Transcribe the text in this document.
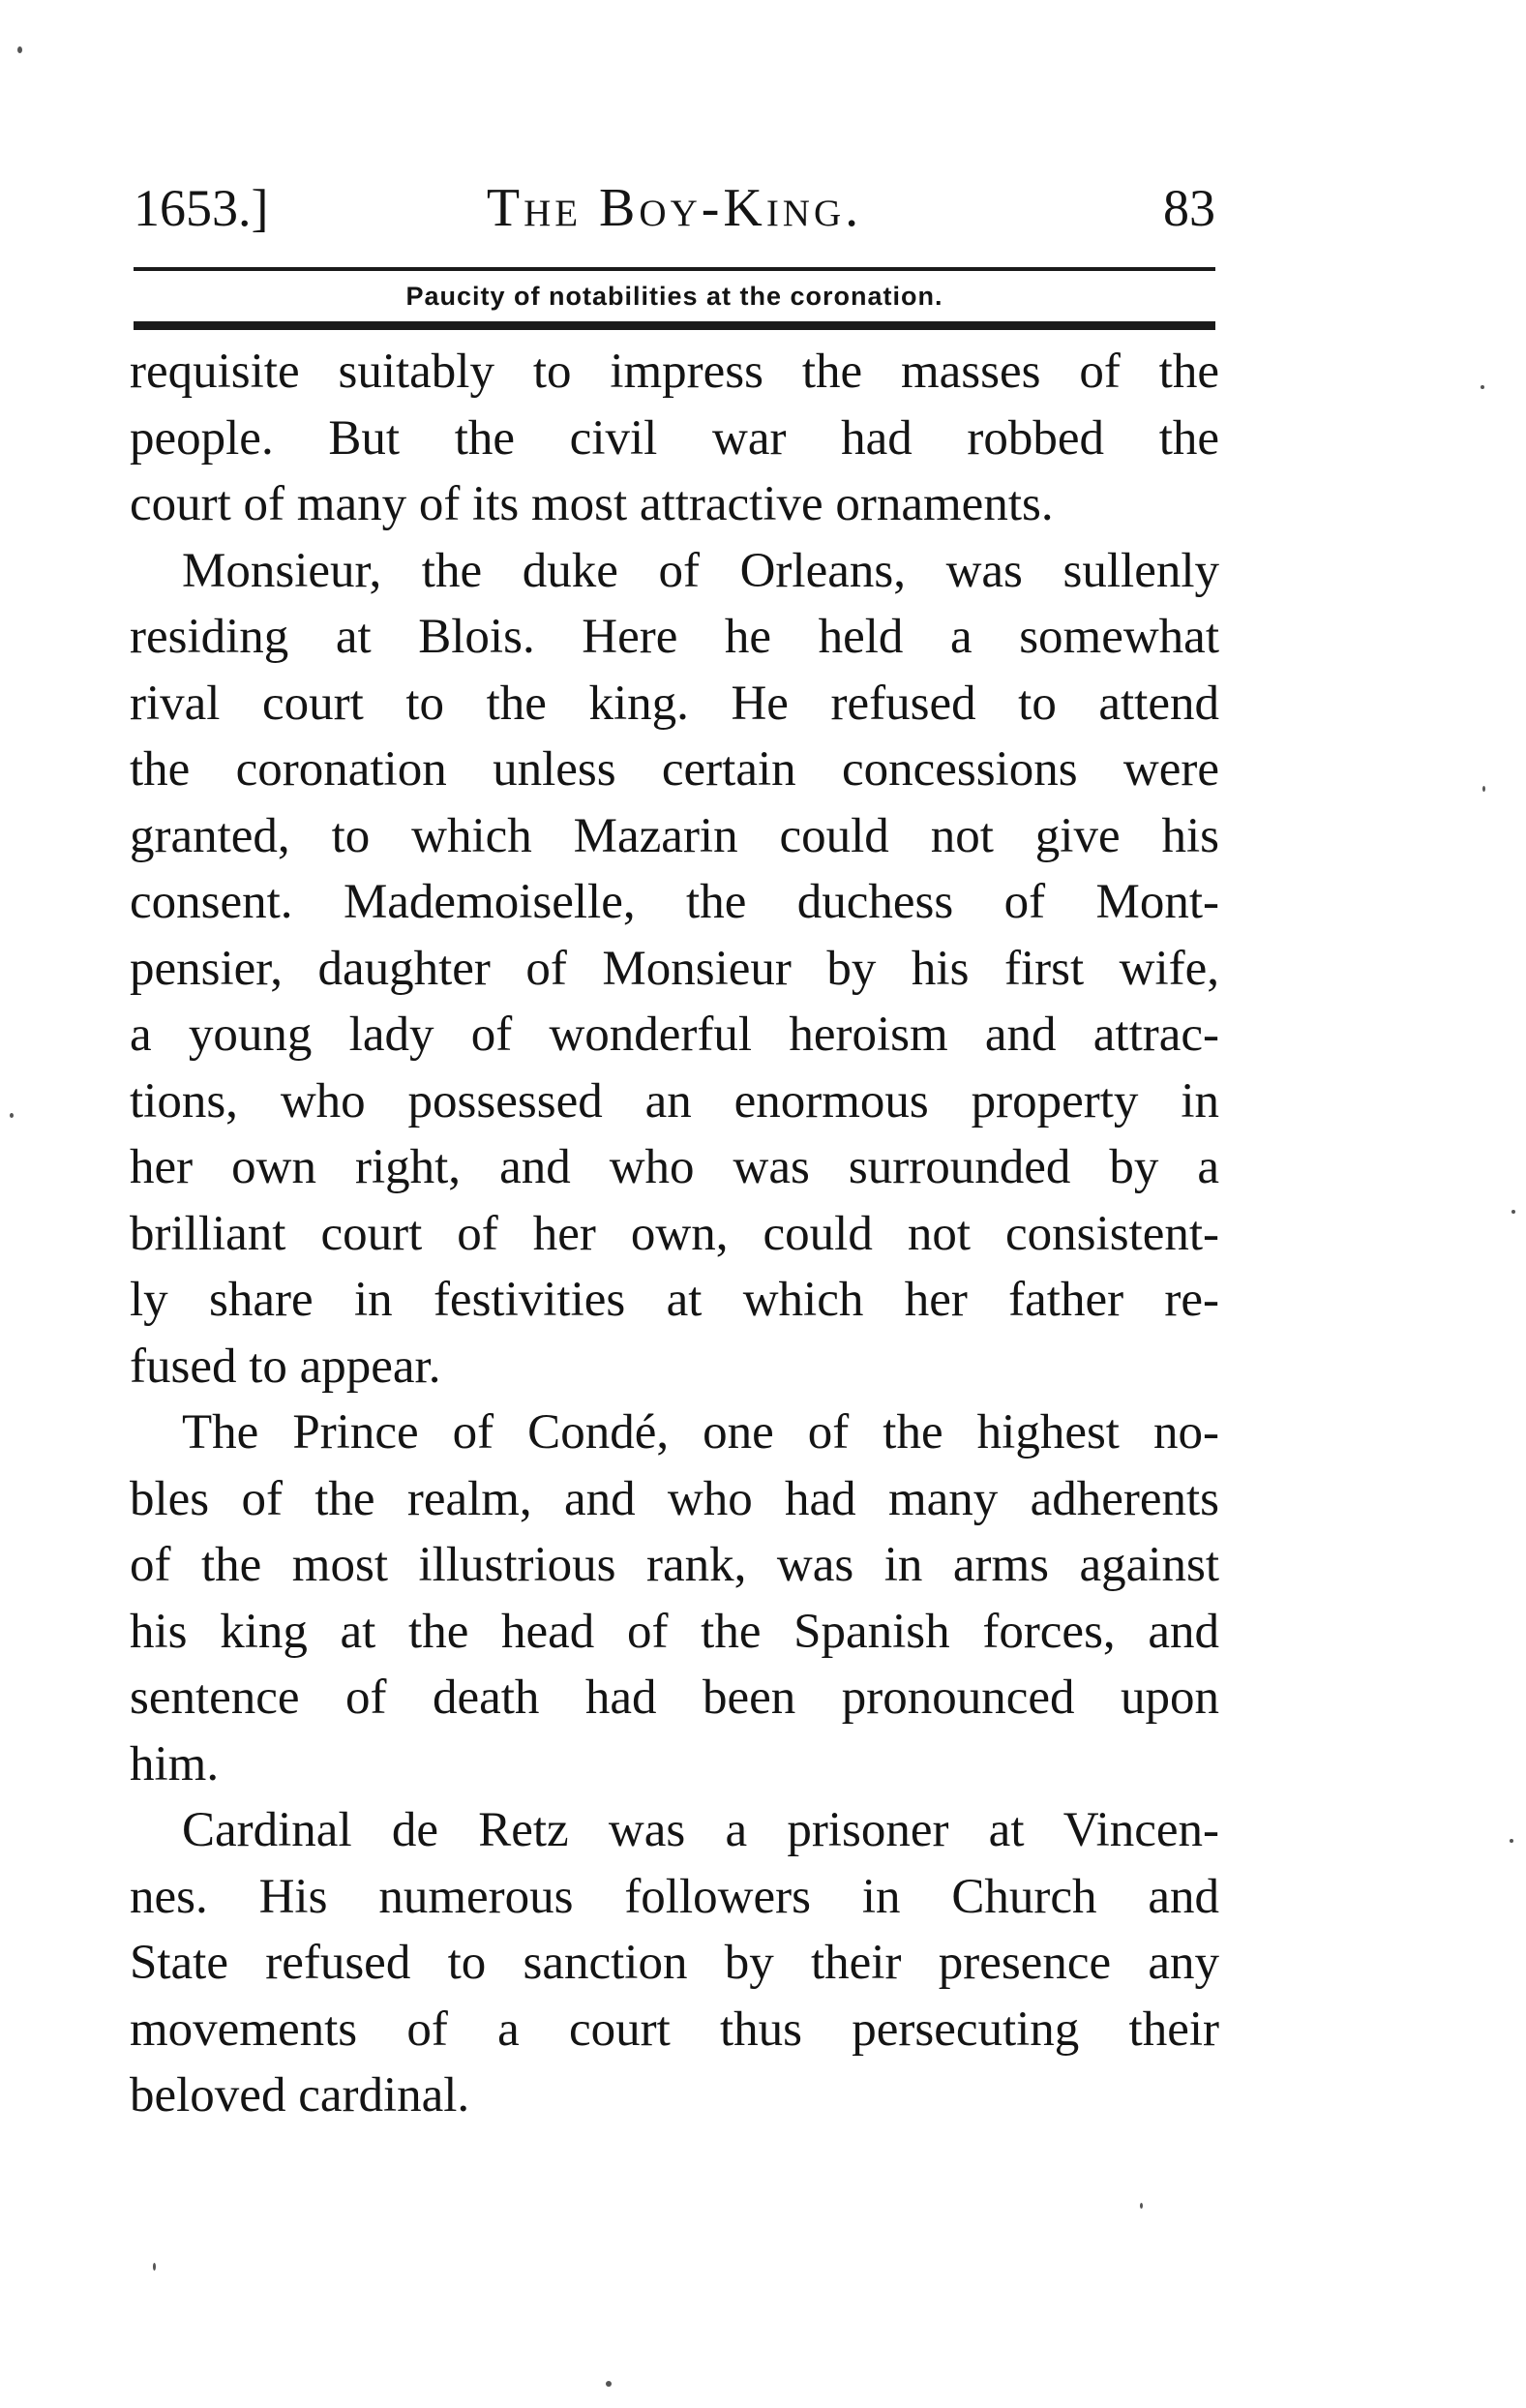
1653.]	The Boy-King.	83
Paucity of notabilities at the coronation.
requisite suitably to impress the masses of the
people. But the civil war had robbed the
court of many of its most attractive ornaments.
Monsieur, the duke of Orleans, was sullenly
residing at Blois. Here he held a somewhat
rival court to the king. He refused to attend
the coronation unless certain concessions were
granted, to which Mazarin could not give his
consent. Mademoiselle, the duchess of Mont-
pensier, daughter of Monsieur by his first wife,
a young lady of wonderful heroism and attrac-
tions, who possessed an enormous property in
her own right, and who was surrounded by a
brilliant court of her own, could not consistent-
ly share in festivities at which her father re-
fused to appear.
The Prince of Condé, one of the highest no-
bles of the realm, and who had many adherents
of the most illustrious rank, was in arms against
his king at the head of the Spanish forces, and
sentence of death had been pronounced upon
him.
Cardinal de Retz was a prisoner at Vincen-
nes. His numerous followers in Church and
State refused to sanction by their presence any
movements of a court thus persecuting their
beloved cardinal.
